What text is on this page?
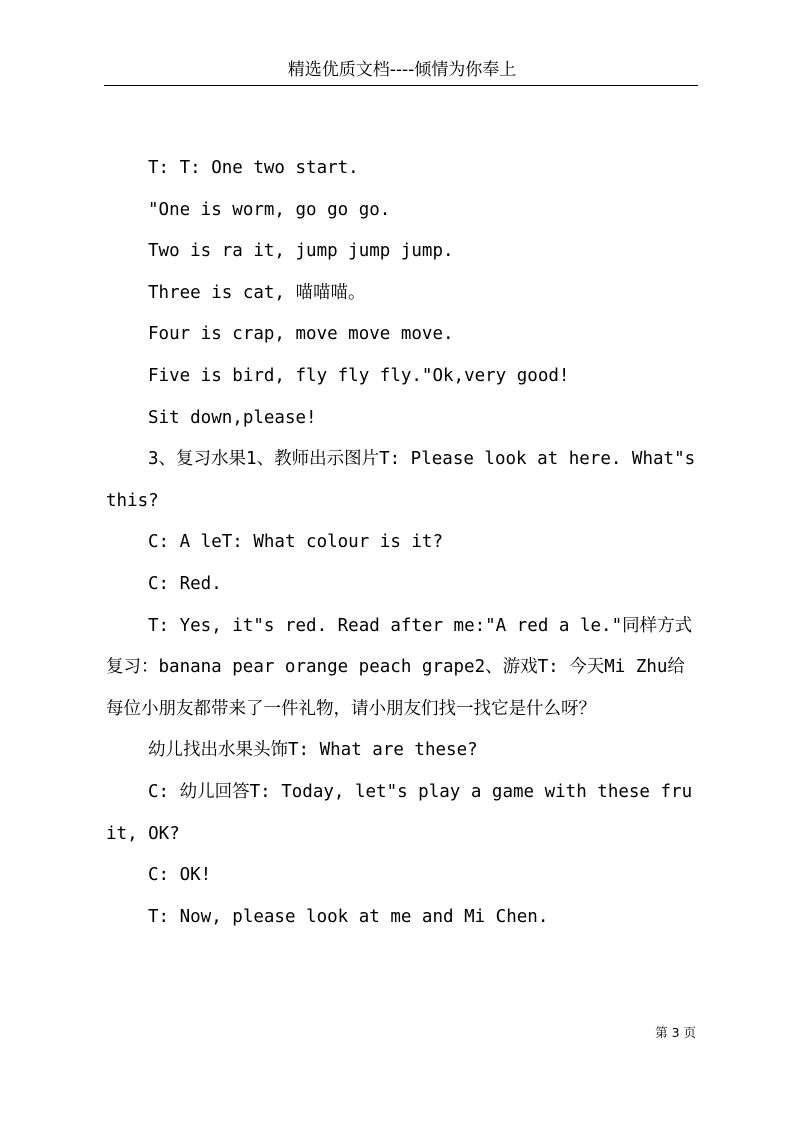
精选优质文档----倾情为你奉上

T: T: One two start.

"One is worm, go go go.

Two is ra it, jump jump jump.

Three is cat, 喵喵喵。

Four is crap, move move move.

Five is bird, fly fly fly."Ok,very good!

Sit down,please!

3、复习水果1、教师出示图片T: Please look at here. What"s this?

C: A leT: What colour is it?

C: Red.

T: Yes, it"s red. Read after me:"A red a le."同样方式复习：banana pear orange peach grape2、游戏T: 今天Mi Zhu给每位小朋友都带来了一件礼物，请小朋友们找一找它是什么呀？

幼儿找出水果头饰T: What are these?

C: 幼儿回答T: Today, let"s play a game with these fruit, OK?

C: OK!

T: Now, please look at me and Mi Chen.

第 3 页
